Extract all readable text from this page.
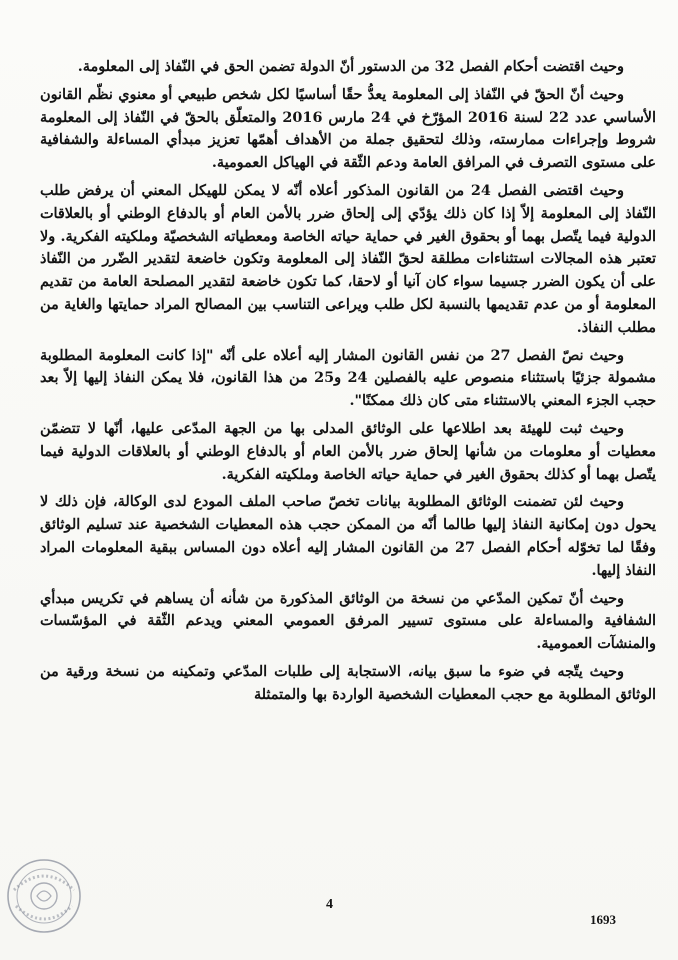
وحيث اقتضت أحكام الفصل 32 من الدستور أنّ الدولة تضمن الحق في النّفاذ إلى المعلومة.

وحيث أنّ الحقّ في النّفاذ إلى المعلومة يعدُّ حقًا أساسيًا لكل شخص طبيعي أو معنوي نظّم القانون الأساسي عدد 22 لسنة 2016 المؤرّخ في 24 مارس 2016 والمتعلّق بالحقّ في النّفاذ إلى المعلومة شروط وإجراءات ممارسته، وذلك لتحقيق جملة من الأهداف أهمّها تعزيز مبدأي المساءلة والشفافية على مستوى التصرف في المرافق العامة ودعم الثّقة في الهياكل العمومية.

وحيث اقتضى الفصل 24 من القانون المذكور أعلاه أنّه لا يمكن للهيكل المعني أن يرفض طلب النّفاذ إلى المعلومة إلاّ إذا كان ذلك يؤدّي إلى إلحاق ضرر بالأمن العام أو بالدفاع الوطني أو بالعلاقات الدولية فيما يتّصل بهما أو بحقوق الغير في حماية حياته الخاصة ومعطياته الشخصيّة وملكيته الفكرية. ولا تعتبر هذه المجالات استثناءات مطلقة لحقّ النّفاذ إلى المعلومة وتكون خاضعة لتقدير الضّرر من النّفاذ على أن يكون الضرر جسيما سواء كان آنيا أو لاحقا، كما تكون خاضعة لتقدير المصلحة العامة من تقديم المعلومة أو من عدم تقديمها بالنسبة لكل طلب ويراعى التناسب بين المصالح المراد حمايتها والغاية من مطلب النفاذ.

وحيث نصّ الفصل 27 من نفس القانون المشار إليه أعلاه على أنّه "إذا كانت المعلومة المطلوبة مشمولة جزئيًا باستثناء منصوص عليه بالفصلين 24 و25 من هذا القانون، فلا يمكن النفاذ إليها إلاّ بعد حجب الجزء المعني بالاستثناء متى كان ذلك ممكنًا".

وحيث ثبت للهيئة بعد اطلاعها على الوثائق المدلى بها من الجهة المدّعى عليها، أنّها لا تتضمّن معطيات أو معلومات من شأنها إلحاق ضرر بالأمن العام أو بالدفاع الوطني أو بالعلاقات الدولية فيما يتّصل بهما أو كذلك بحقوق الغير في حماية حياته الخاصة وملكيته الفكرية.

وحيث لئن تضمنت الوثائق المطلوبة بيانات تخصّ صاحب الملف المودع لدى الوكالة، فإن ذلك لا يحول دون إمكانية النفاذ إليها طالما أنّه من الممكن حجب هذه المعطيات الشخصية عند تسليم الوثائق وفقًا لما تخوّله أحكام الفصل 27 من القانون المشار إليه أعلاه دون المساس ببقية المعلومات المراد النفاذ إليها.

وحيث أنّ تمكين المدّعي من نسخة من الوثائق المذكورة من شأنه أن يساهم في تكريس مبدأي الشفافية والمساءلة على مستوى تسيير المرفق العمومي المعني ويدعم الثّقة في المؤسّسات والمنشآت العمومية.

وحيث يتّجه في ضوء ما سبق بيانه، الاستجابة إلى طلبات المدّعي وتمكينه من نسخة ورقية من الوثائق المطلوبة مع حجب المعطيات الشخصية الواردة بها والمتمثلة

4
1693
